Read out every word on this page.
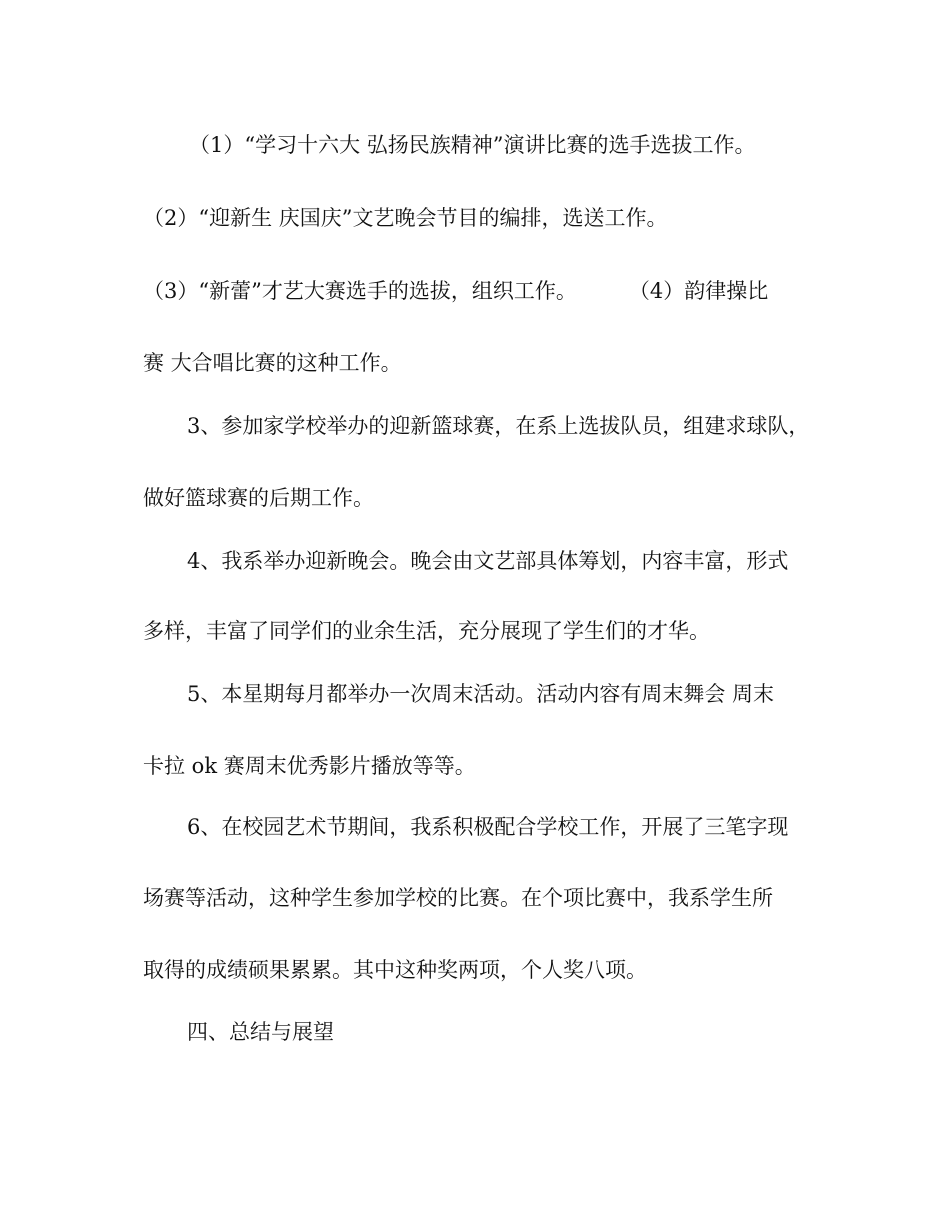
（1）“学习十六大 弘扬民族精神”演讲比赛的选手选拔工作。

（2）“迎新生 庆国庆”文艺晚会节目的编排，选送工作。

（3）“新蕾”才艺大赛选手的选拔，组织工作。 （4）韵律操比

赛 大合唱比赛的这种工作。

3、参加家学校举办的迎新篮球赛，在系上选拔队员，组建求球队，

做好篮球赛的后期工作。

4、我系举办迎新晚会。晚会由文艺部具体筹划，内容丰富，形式

多样，丰富了同学们的业余生活，充分展现了学生们的才华。

5、本星期每月都举办一次周末活动。活动内容有周末舞会 周末

卡拉 ok 赛周末优秀影片播放等等。

6、在校园艺术节期间，我系积极配合学校工作，开展了三笔字现

场赛等活动，这种学生参加学校的比赛。在个项比赛中，我系学生所

取得的成绩硕果累累。其中这种奖两项，个人奖八项。

四、总结与展望
